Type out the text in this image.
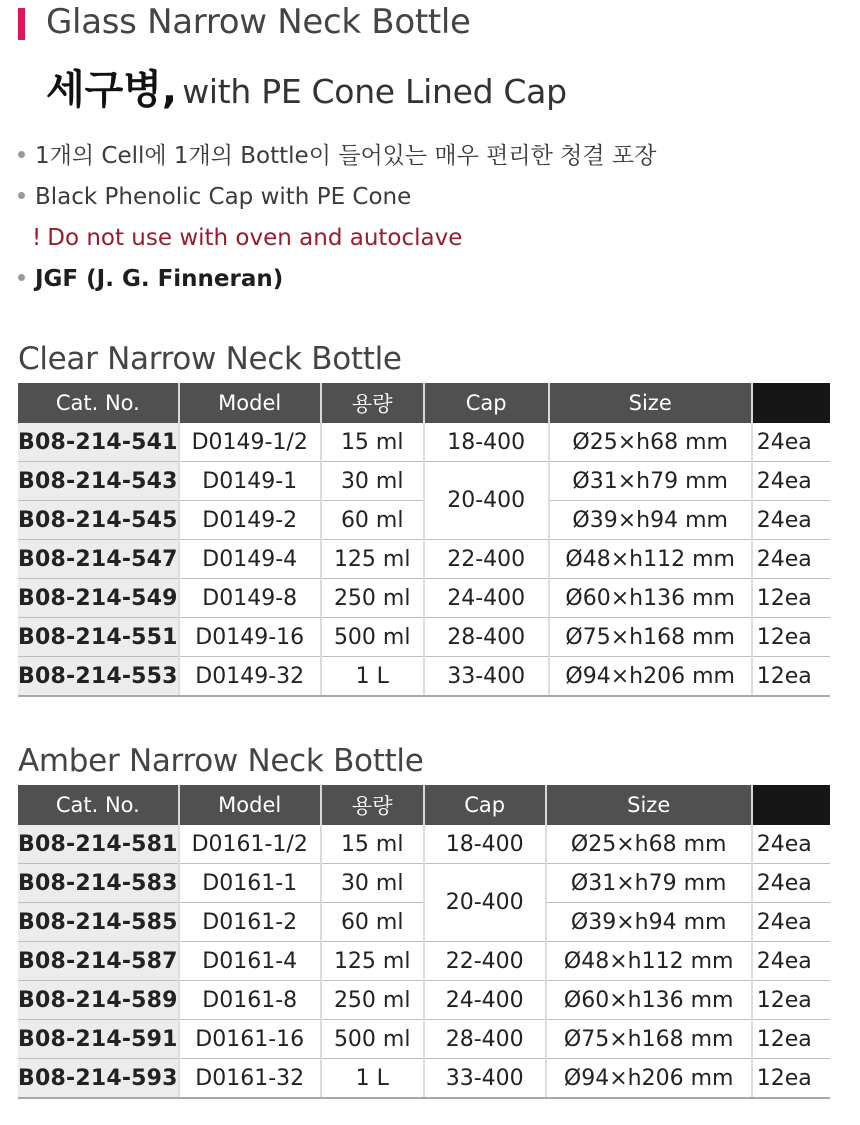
Glass Narrow Neck Bottle
세구병, with PE Cone Lined Cap
1개의 Cell에 1개의 Bottle이 들어있는 매우 편리한 청결 포장
Black Phenolic Cap with PE Cone
! Do not use with oven and autoclave
JGF (J. G. Finneran)
Clear Narrow Neck Bottle
Cat. No.	Model	용량	Cap	Size	
B08-214-541	D0149-1/2	15 ml	18-400	Ø25×h68 mm	24ea
B08-214-543	D0149-1	30 ml	20-400	Ø31×h79 mm	24ea
B08-214-545	D0149-2	60 ml		Ø39×h94 mm	24ea
B08-214-547	D0149-4	125 ml	22-400	Ø48×h112 mm	24ea
B08-214-549	D0149-8	250 ml	24-400	Ø60×h136 mm	12ea
B08-214-551	D0149-16	500 ml	28-400	Ø75×h168 mm	12ea
B08-214-553	D0149-32	1 L	33-400	Ø94×h206 mm	12ea
Amber Narrow Neck Bottle
Cat. No.	Model	용량	Cap	Size	
B08-214-581	D0161-1/2	15 ml	18-400	Ø25×h68 mm	24ea
B08-214-583	D0161-1	30 ml	20-400	Ø31×h79 mm	24ea
B08-214-585	D0161-2	60 ml		Ø39×h94 mm	24ea
B08-214-587	D0161-4	125 ml	22-400	Ø48×h112 mm	24ea
B08-214-589	D0161-8	250 ml	24-400	Ø60×h136 mm	12ea
B08-214-591	D0161-16	500 ml	28-400	Ø75×h168 mm	12ea
B08-214-593	D0161-32	1 L	33-400	Ø94×h206 mm	12ea
